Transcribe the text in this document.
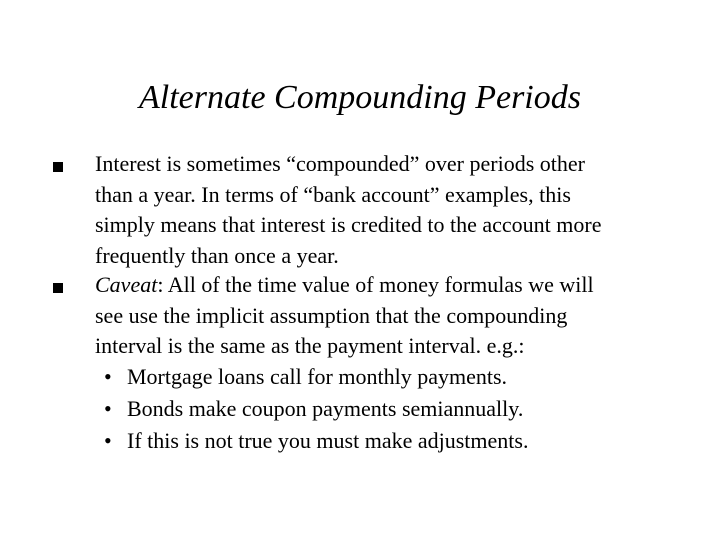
Alternate Compounding Periods
Interest is sometimes “compounded” over periods other
than a year. In terms of “bank account” examples, this
simply means that interest is credited to the account more
frequently than once a year.
Caveat: All of the time value of money formulas we will
see use the implicit assumption that the compounding
interval is the same as the payment interval. e.g.:
• Mortgage loans call for monthly payments.
• Bonds make coupon payments semiannually.
• If this is not true you must make adjustments.
